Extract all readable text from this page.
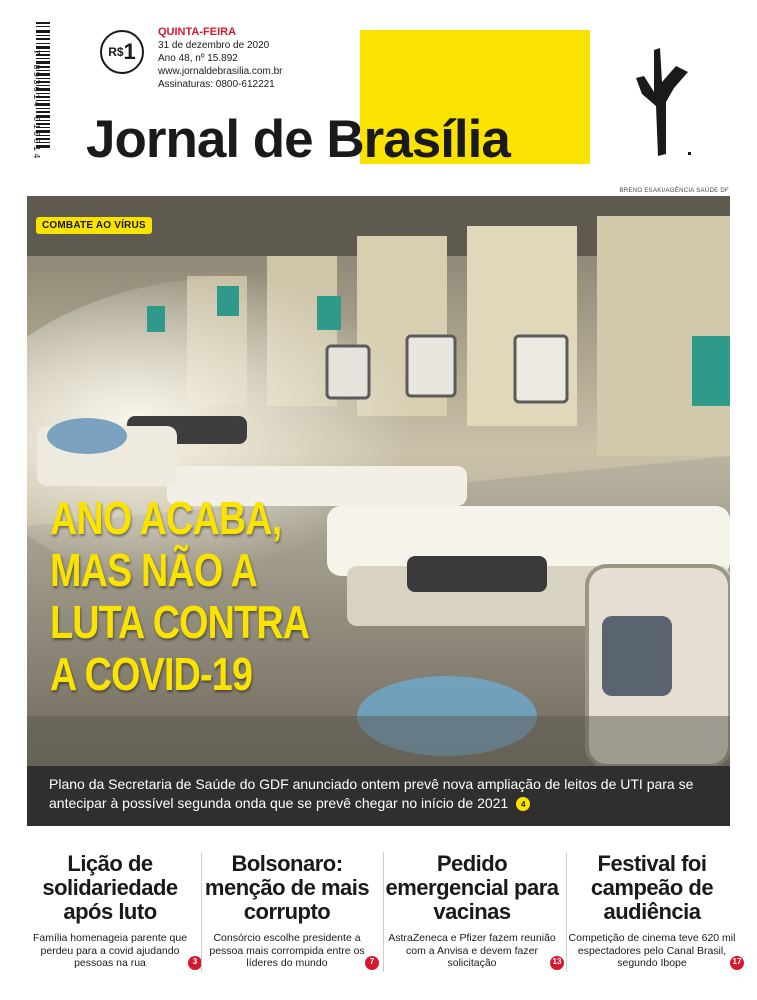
7 893614 010014	R$ 1
QUINTA-FEIRA
31 de dezembro de 2020
Ano 48, nº 15.892
www.jornaldebrasilia.com.br
Assinaturas: 0800-612221
Jornal de Brasília
BRENO ESAKI/AGÊNCIA SAÚDE DF
COMBATE AO VÍRUS
ANO ACABA,
MAS NÃO A
LUTA CONTRA
A COVID-19
Plano da Secretaria de Saúde do GDF anunciado ontem prevê nova ampliação de leitos de UTI para se antecipar à possível segunda onda que se prevê chegar no início de 2021 4
Lição de solidariedade após luto

Família homenageia parente que perdeu para a covid ajudando pessoas na rua	3

Bolsonaro: menção de mais corrupto

Consórcio escolhe presidente a pessoa mais corrompida entre os líderes do mundo	7

Pedido emergencial para vacinas

AstraZeneca e Pfizer fazem reunião com a Anvisa e devem fazer solicitação	13

Festival foi campeão de audiência

Competição de cinema teve 620 mil espectadores pelo Canal Brasil, segundo Ibope	17
